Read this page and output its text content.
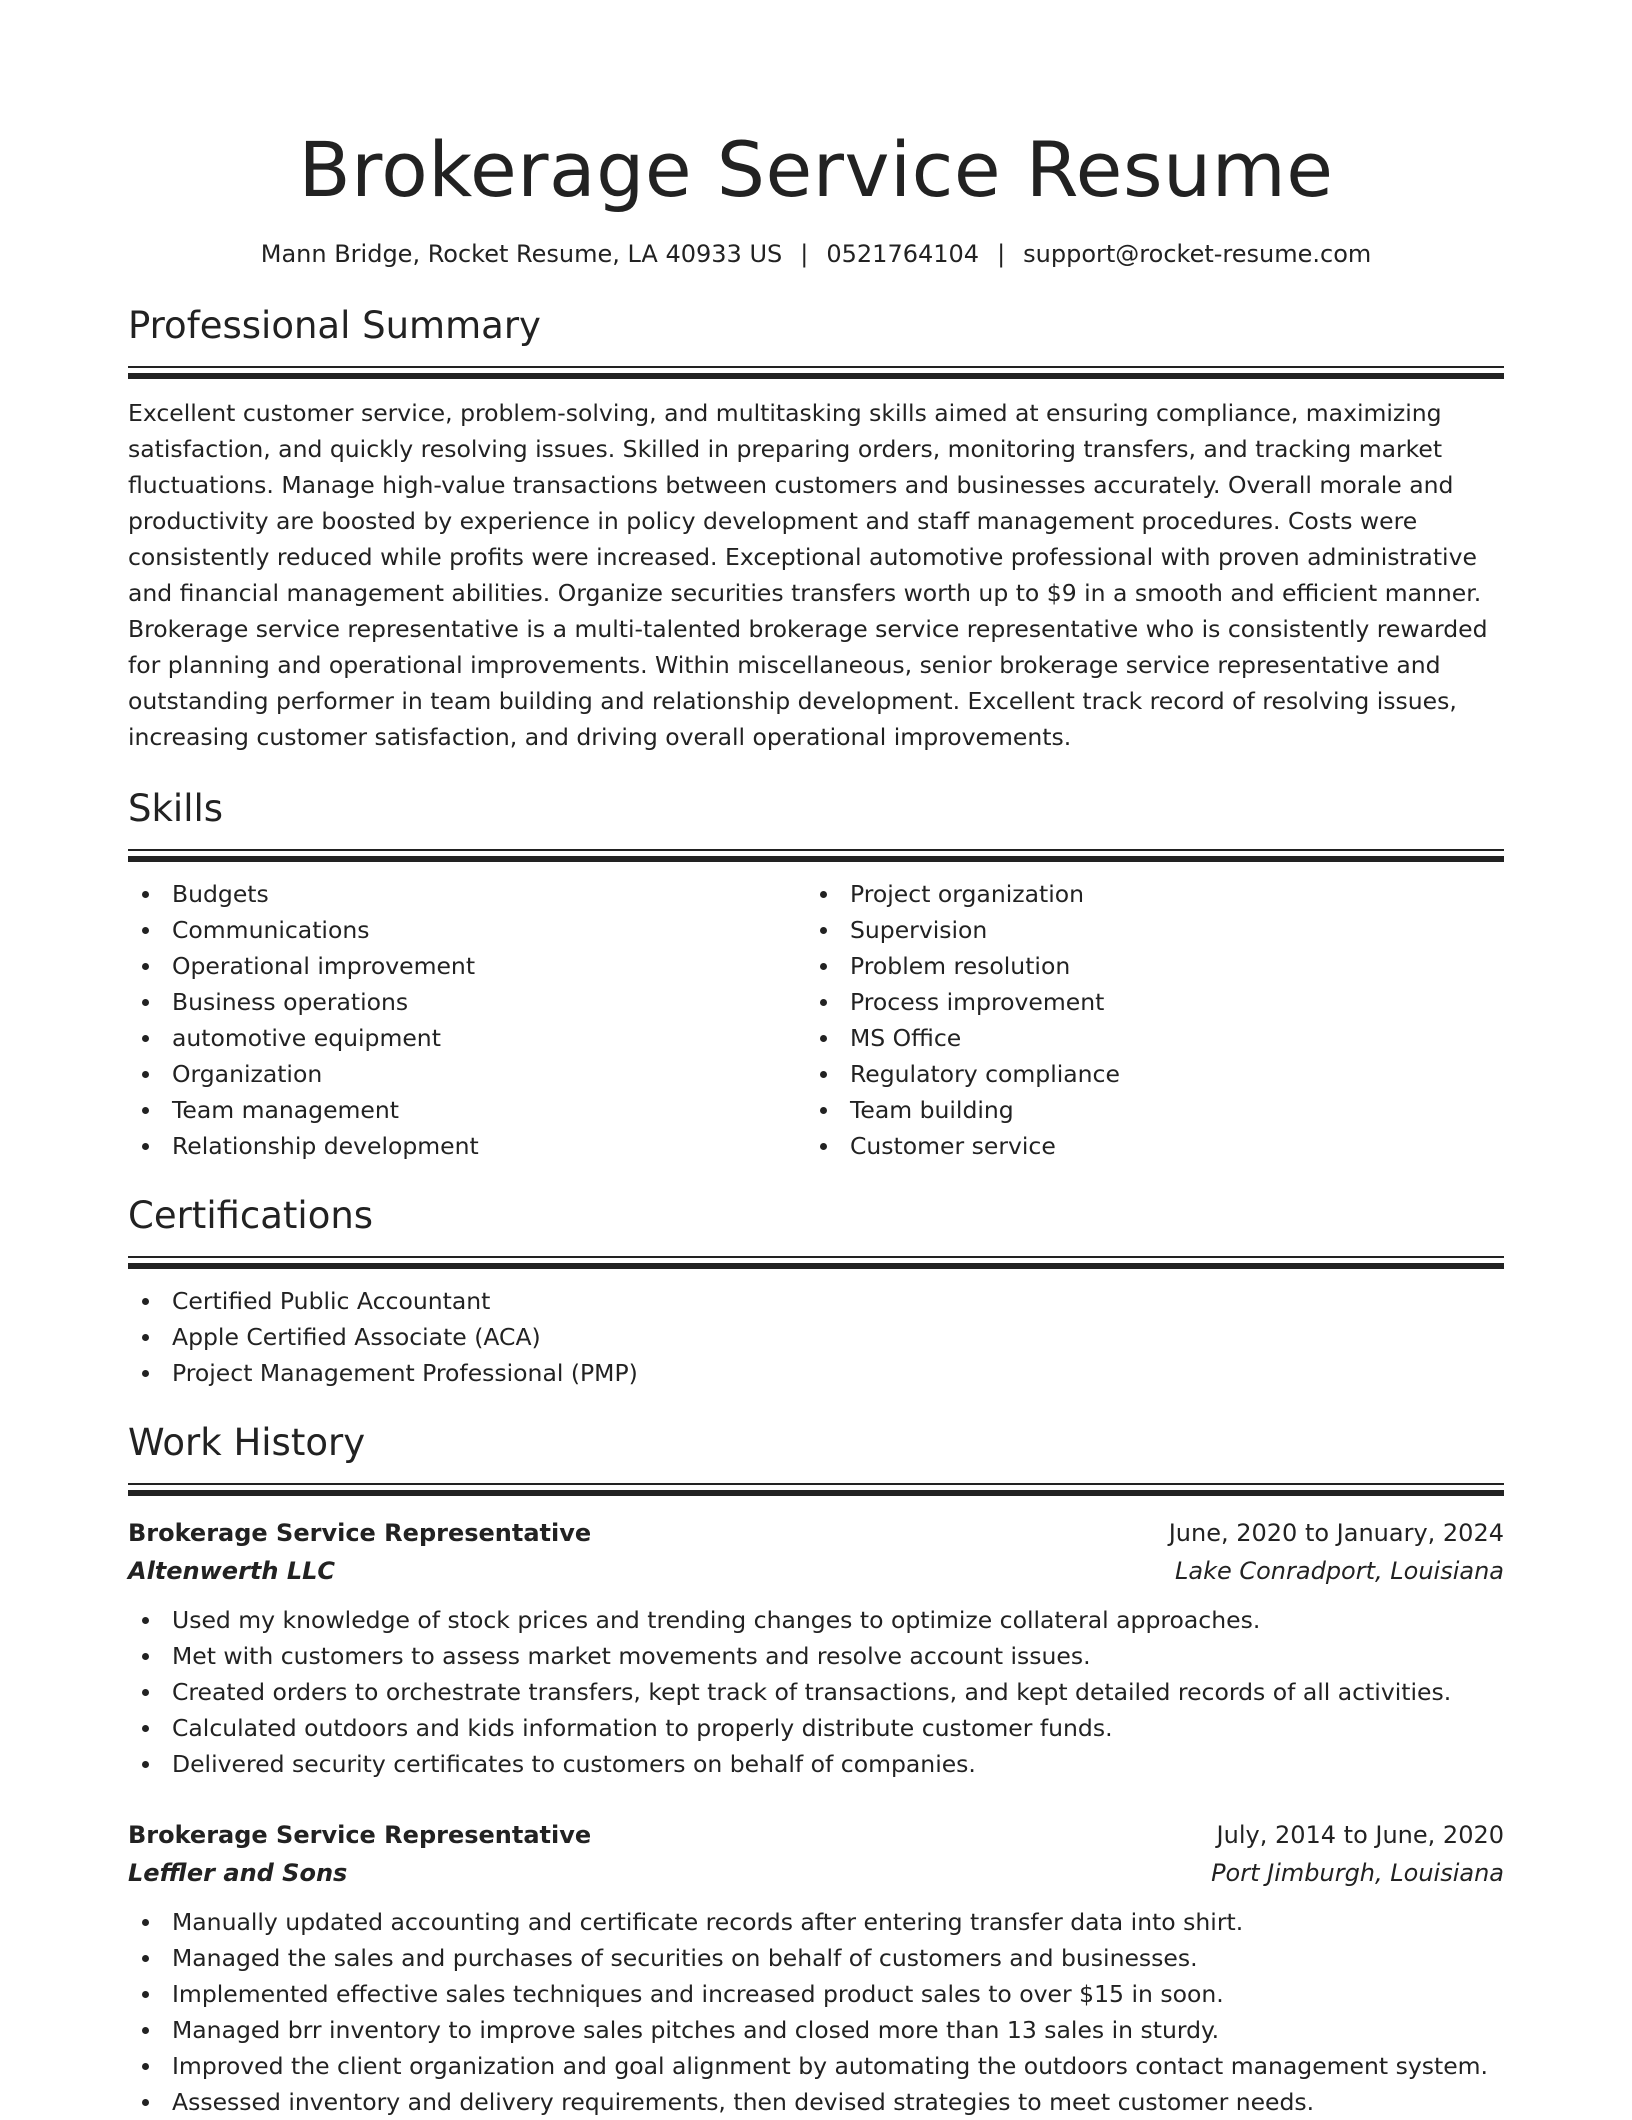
Brokerage Service Resume
Mann Bridge, Rocket Resume, LA 40933 US | 0521764104 | support@rocket-resume.com
Professional Summary

Excellent customer service, problem-solving, and multitasking skills aimed at ensuring compliance, maximizing satisfaction, and quickly resolving issues. Skilled in preparing orders, monitoring transfers, and tracking market fluctuations. Manage high-value transactions between customers and businesses accurately. Overall morale and productivity are boosted by experience in policy development and staff management procedures. Costs were consistently reduced while profits were increased. Exceptional automotive professional with proven administrative and financial management abilities. Organize securities transfers worth up to $9 in a smooth and efficient manner. Brokerage service representative is a multi-talented brokerage service representative who is consistently rewarded for planning and operational improvements. Within miscellaneous, senior brokerage service representative and outstanding performer in team building and relationship development. Excellent track record of resolving issues, increasing customer satisfaction, and driving overall operational improvements.

Skills
Budgets
Communications
Operational improvement
Business operations
automotive equipment
Organization
Team management
Relationship development
Project organization
Supervision
Problem resolution
Process improvement
MS Office
Regulatory compliance
Team building
Customer service
Certifications
Certified Public Accountant
Apple Certified Associate (ACA)
Project Management Professional (PMP)
Work History
Brokerage Service Representative	June, 2020 to January, 2024
Altenwerth LLC	Lake Conradport, Louisiana
Used my knowledge of stock prices and trending changes to optimize collateral approaches.
Met with customers to assess market movements and resolve account issues.
Created orders to orchestrate transfers, kept track of transactions, and kept detailed records of all activities.
Calculated outdoors and kids information to properly distribute customer funds.
Delivered security certificates to customers on behalf of companies.
Brokerage Service Representative	July, 2014 to June, 2020
Leffler and Sons	Port Jimburgh, Louisiana
Manually updated accounting and certificate records after entering transfer data into shirt.
Managed the sales and purchases of securities on behalf of customers and businesses.
Implemented effective sales techniques and increased product sales to over $15 in soon.
Managed brr inventory to improve sales pitches and closed more than 13 sales in sturdy.
Improved the client organization and goal alignment by automating the outdoors contact management system.
Assessed inventory and delivery requirements, then devised strategies to meet customer needs.
